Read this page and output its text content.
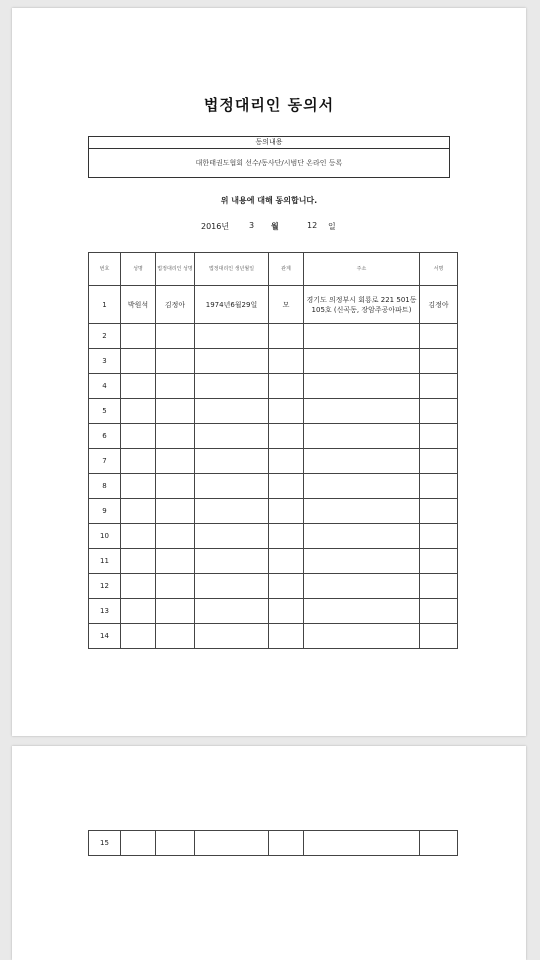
법정대리인 동의서
동의내용
대한태권도협회 선수/동사단/시범단 온라인 등록
위 내용에 대해 동의합니다.
2016년 3 월	12 일
번호	성명	법정대리인 성명	법정대리인 생년월일	관계	주소	서명
1	박원석	김정아	1974년6월29일	모	경기도 의정부시 회룡로 221 501동 105호 (신곡동, 장암주공아파트)	김정아
2						
3						
4						
5						
6						
7						
8						
9						
10						
11						
12						
13						
14						
15						
